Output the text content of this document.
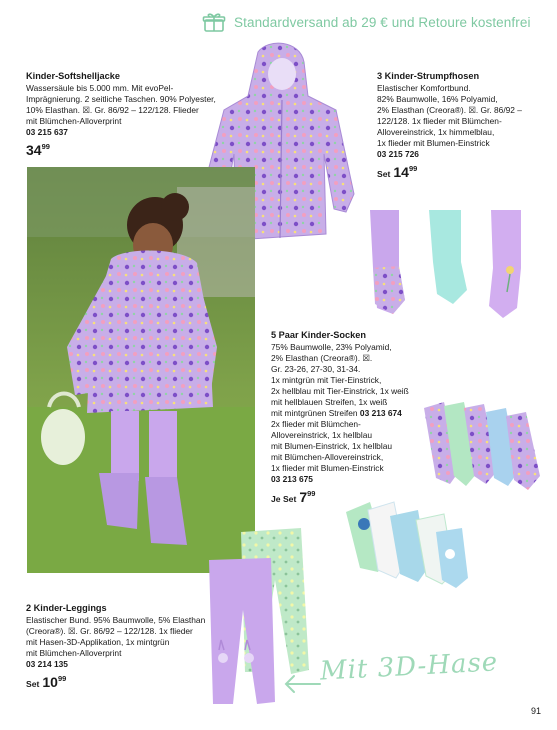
Standardversand ab 29 € und Retoure kostenfrei
Kinder-Softshelljacke
Wassersäule bis 5.000 mm. Mit evoPel-
Imprägnierung. 2 seitliche Taschen. 90% Polyester,
10% Elasthan. ☒. Gr. 86/92 – 122/128. Flieder
mit Blümchen-Alloverprint
03 215 637
$34^{99}$
3 Kinder-Strumpfhosen
Elastischer Komfortbund.
82% Baumwolle, 16% Polyamid,
2% Elasthan (Creora®). ☒. Gr. 86/92 –
122/128. 1x flieder mit Blümchen-
Allovereinstrick, 1x himmelblau,
1x flieder mit Blumen-Einstrick
03 215 726
Set $14^{99}$
5 Paar Kinder-Socken
75% Baumwolle, 23% Polyamid,
2% Elasthan (Creora®). ☒.
Gr. 23-26, 27-30, 31-34.
1x mintgrün mit Tier-Einstrick,
2x hellblau mit Tier-Einstrick, 1x weiß
mit hellblauen Streifen, 1x weiß
mit mintgrünen Streifen 03 213 674
2x flieder mit Blümchen-
Allovereinstrick, 1x hellblau
mit Blumen-Einstrick, 1x hellblau
mit Blümchen-Allovereinstrick,
1x flieder mit Blumen-Einstrick
03 213 675
Je Set $7^{99}$
2 Kinder-Leggings
Elastischer Bund. 95% Baumwolle, 5% Elasthan
(Creora®). ☒. Gr. 86/92 – 122/128. 1x flieder
mit Hasen-3D-Applikation, 1x mintgrün
mit Blümchen-Alloverprint
03 214 135
Set $10^{99}$	Mit 3D-Hase
91
